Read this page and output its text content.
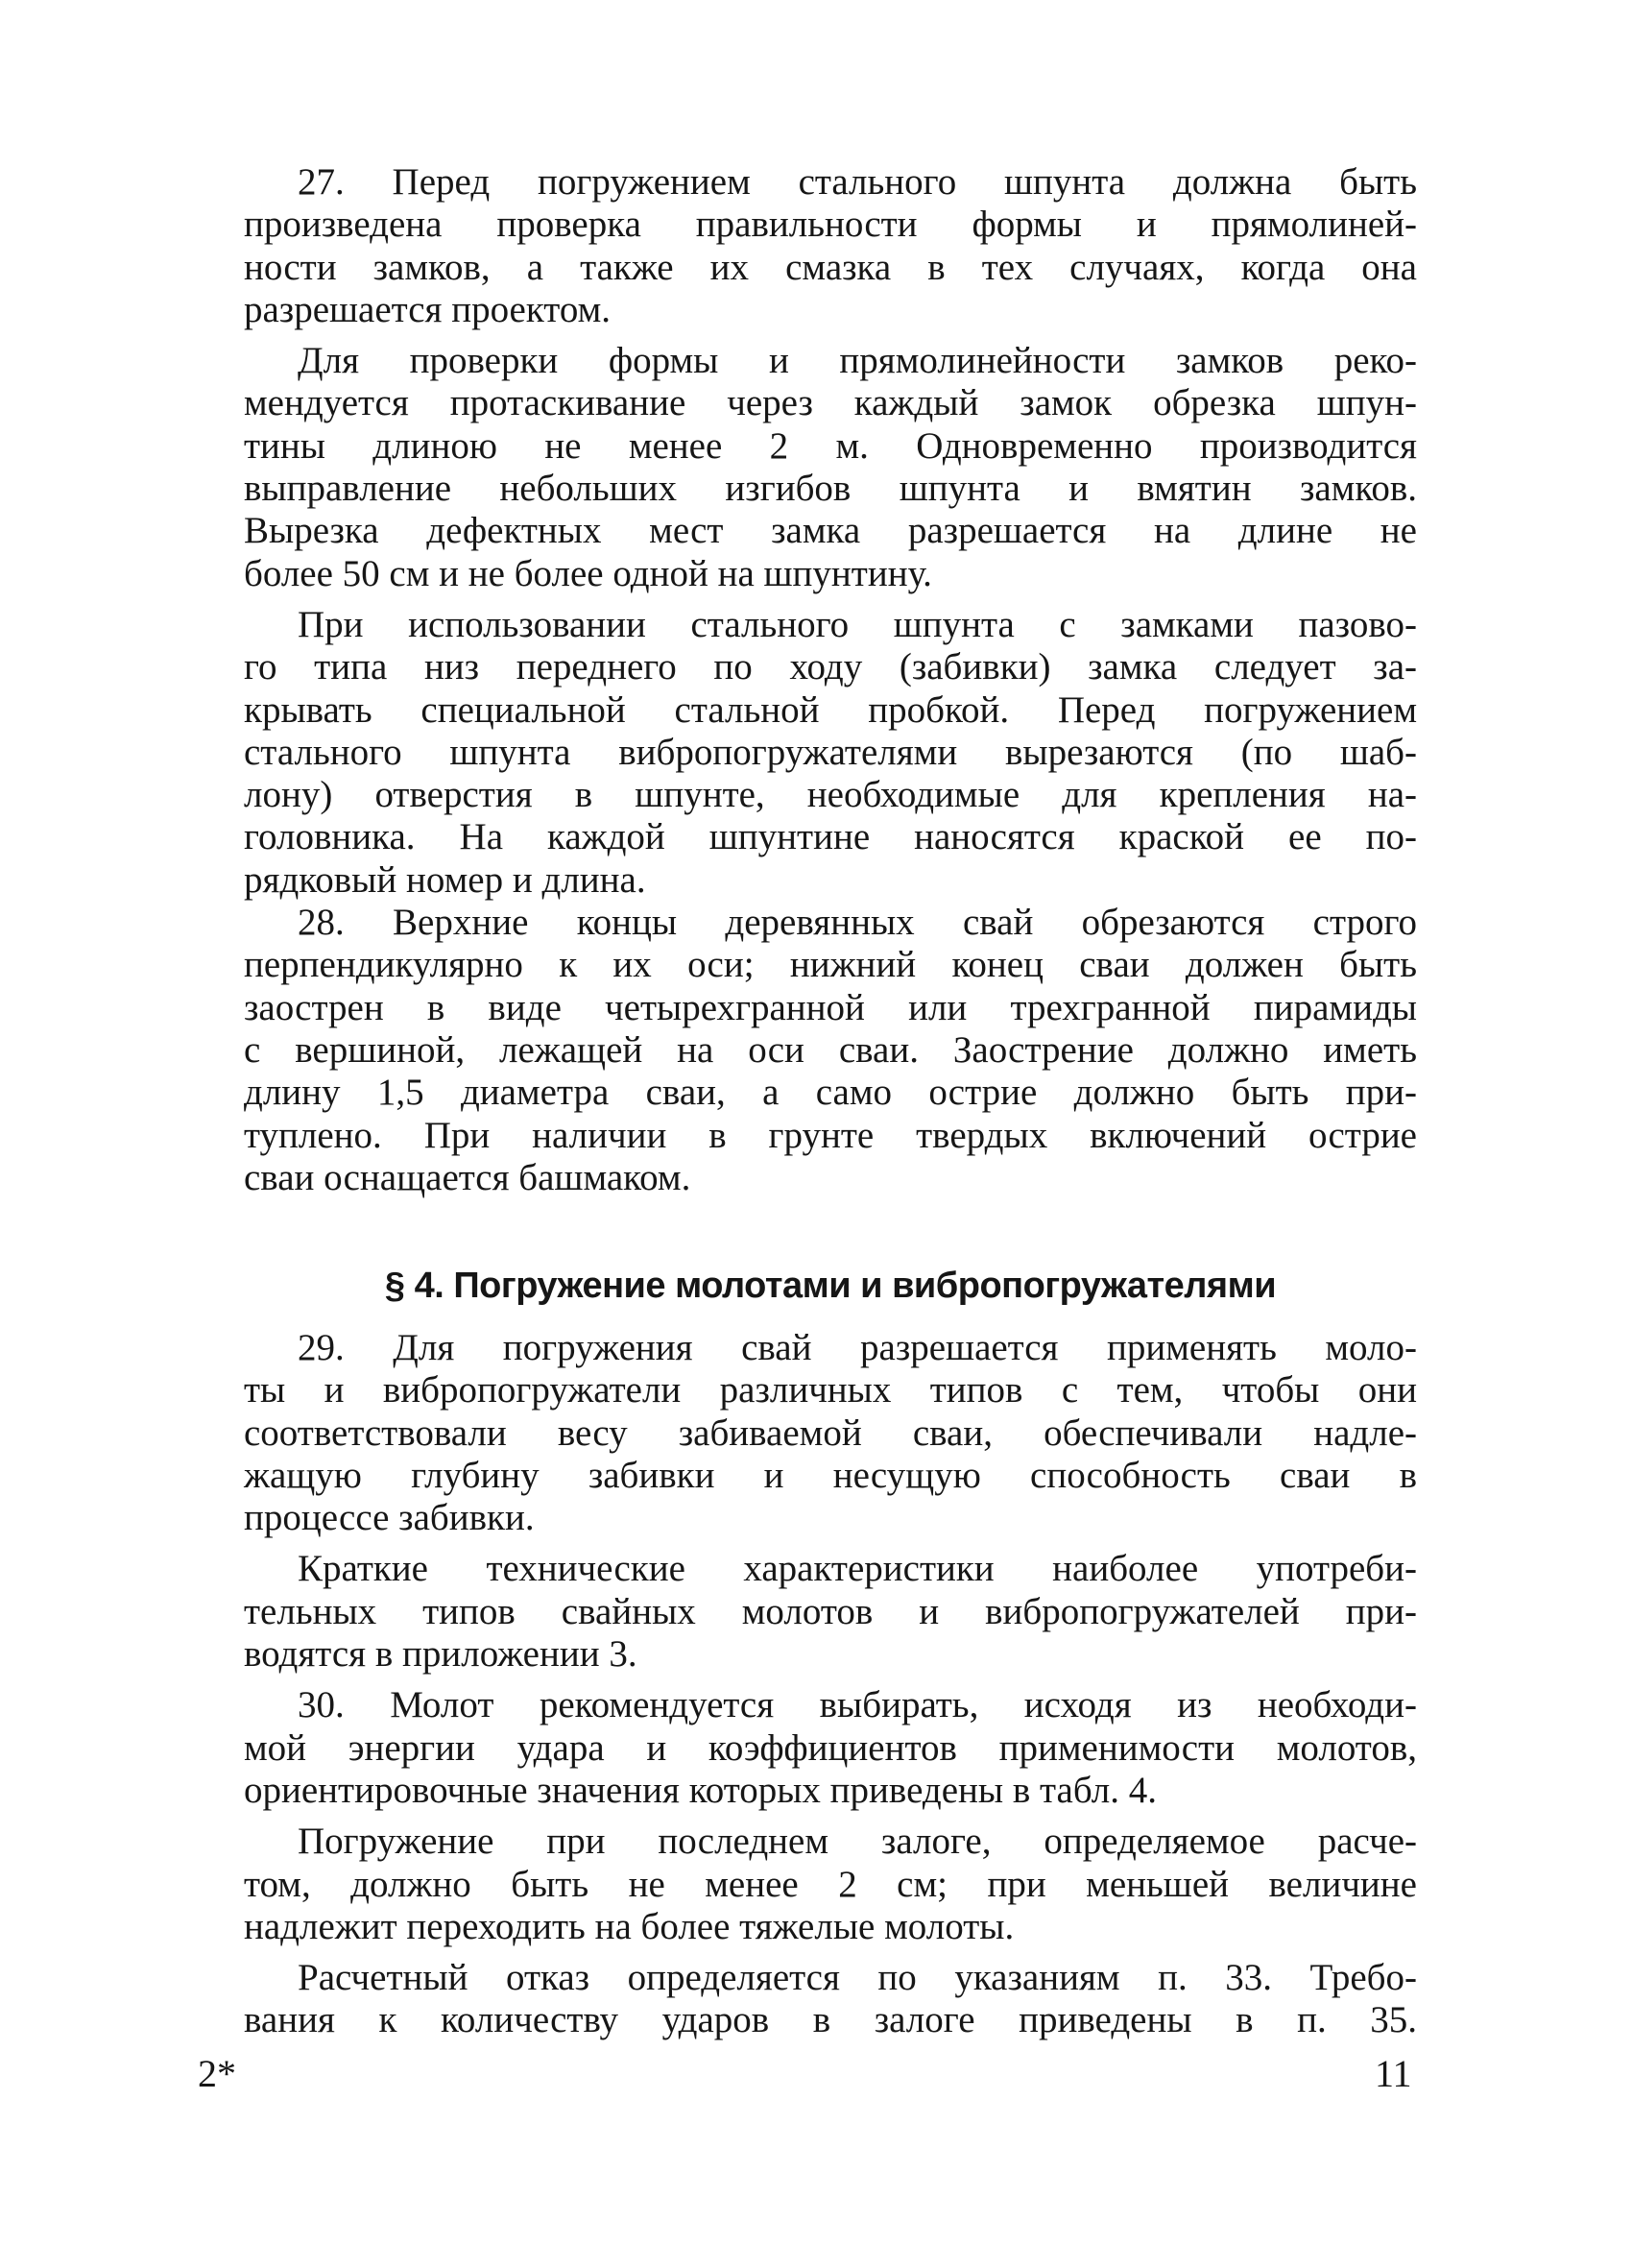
27. Перед погружением стального шпунта должна быть
произведена проверка правильности формы и прямолиней-
ности замков, а также их смазка в тех случаях, когда она
разрешается проектом.

Для проверки формы и прямолинейности замков реко-
мендуется протаскивание через каждый замок обрезка шпун-
тины длиною не менее 2 м. Одновременно производится
выправление небольших изгибов шпунта и вмятин замков.
Вырезка дефектных мест замка разрешается на длине не
более 50 см и не более одной на шпунтину.

При использовании стального шпунта с замками пазово-
го типа низ переднего по ходу (забивки) замка следует за-
крывать специальной стальной пробкой. Перед погружением
стального шпунта вибропогружателями вырезаются (по шаб-
лону) отверстия в шпунте, необходимые для крепления на-
головника. На каждой шпунтине наносятся краской ее по-
рядковый номер и длина.

28. Верхние концы деревянных свай обрезаются строго
перпендикулярно к их оси; нижний конец сваи должен быть
заострен в виде четырехгранной или трехгранной пирамиды
с вершиной, лежащей на оси сваи. Заострение должно иметь
длину 1,5 диаметра сваи, а само острие должно быть при-
туплено. При наличии в грунте твердых включений острие
сваи оснащается башмаком.

§ 4. Погружение молотами и вибропогружателями

29. Для погружения свай разрешается применять моло-
ты и вибропогружатели различных типов с тем, чтобы они
соответствовали весу забиваемой сваи, обеспечивали надле-
жащую глубину забивки и несущую способность сваи в
процессе забивки.

Краткие технические характеристики наиболее употреби-
тельных типов свайных молотов и вибропогружателей при-
водятся в приложении 3.

30. Молот рекомендуется выбирать, исходя из необходи-
мой энергии удара и коэффициентов применимости молотов,
ориентировочные значения которых приведены в табл. 4.

Погружение при последнем залоге, определяемое расче-
том, должно быть не менее 2 см; при меньшей величине
надлежит переходить на более тяжелые молоты.

Расчетный отказ определяется по указаниям п. 33. Требо-
вания к количеству ударов в залоге приведены в п. 35.

2*	11
